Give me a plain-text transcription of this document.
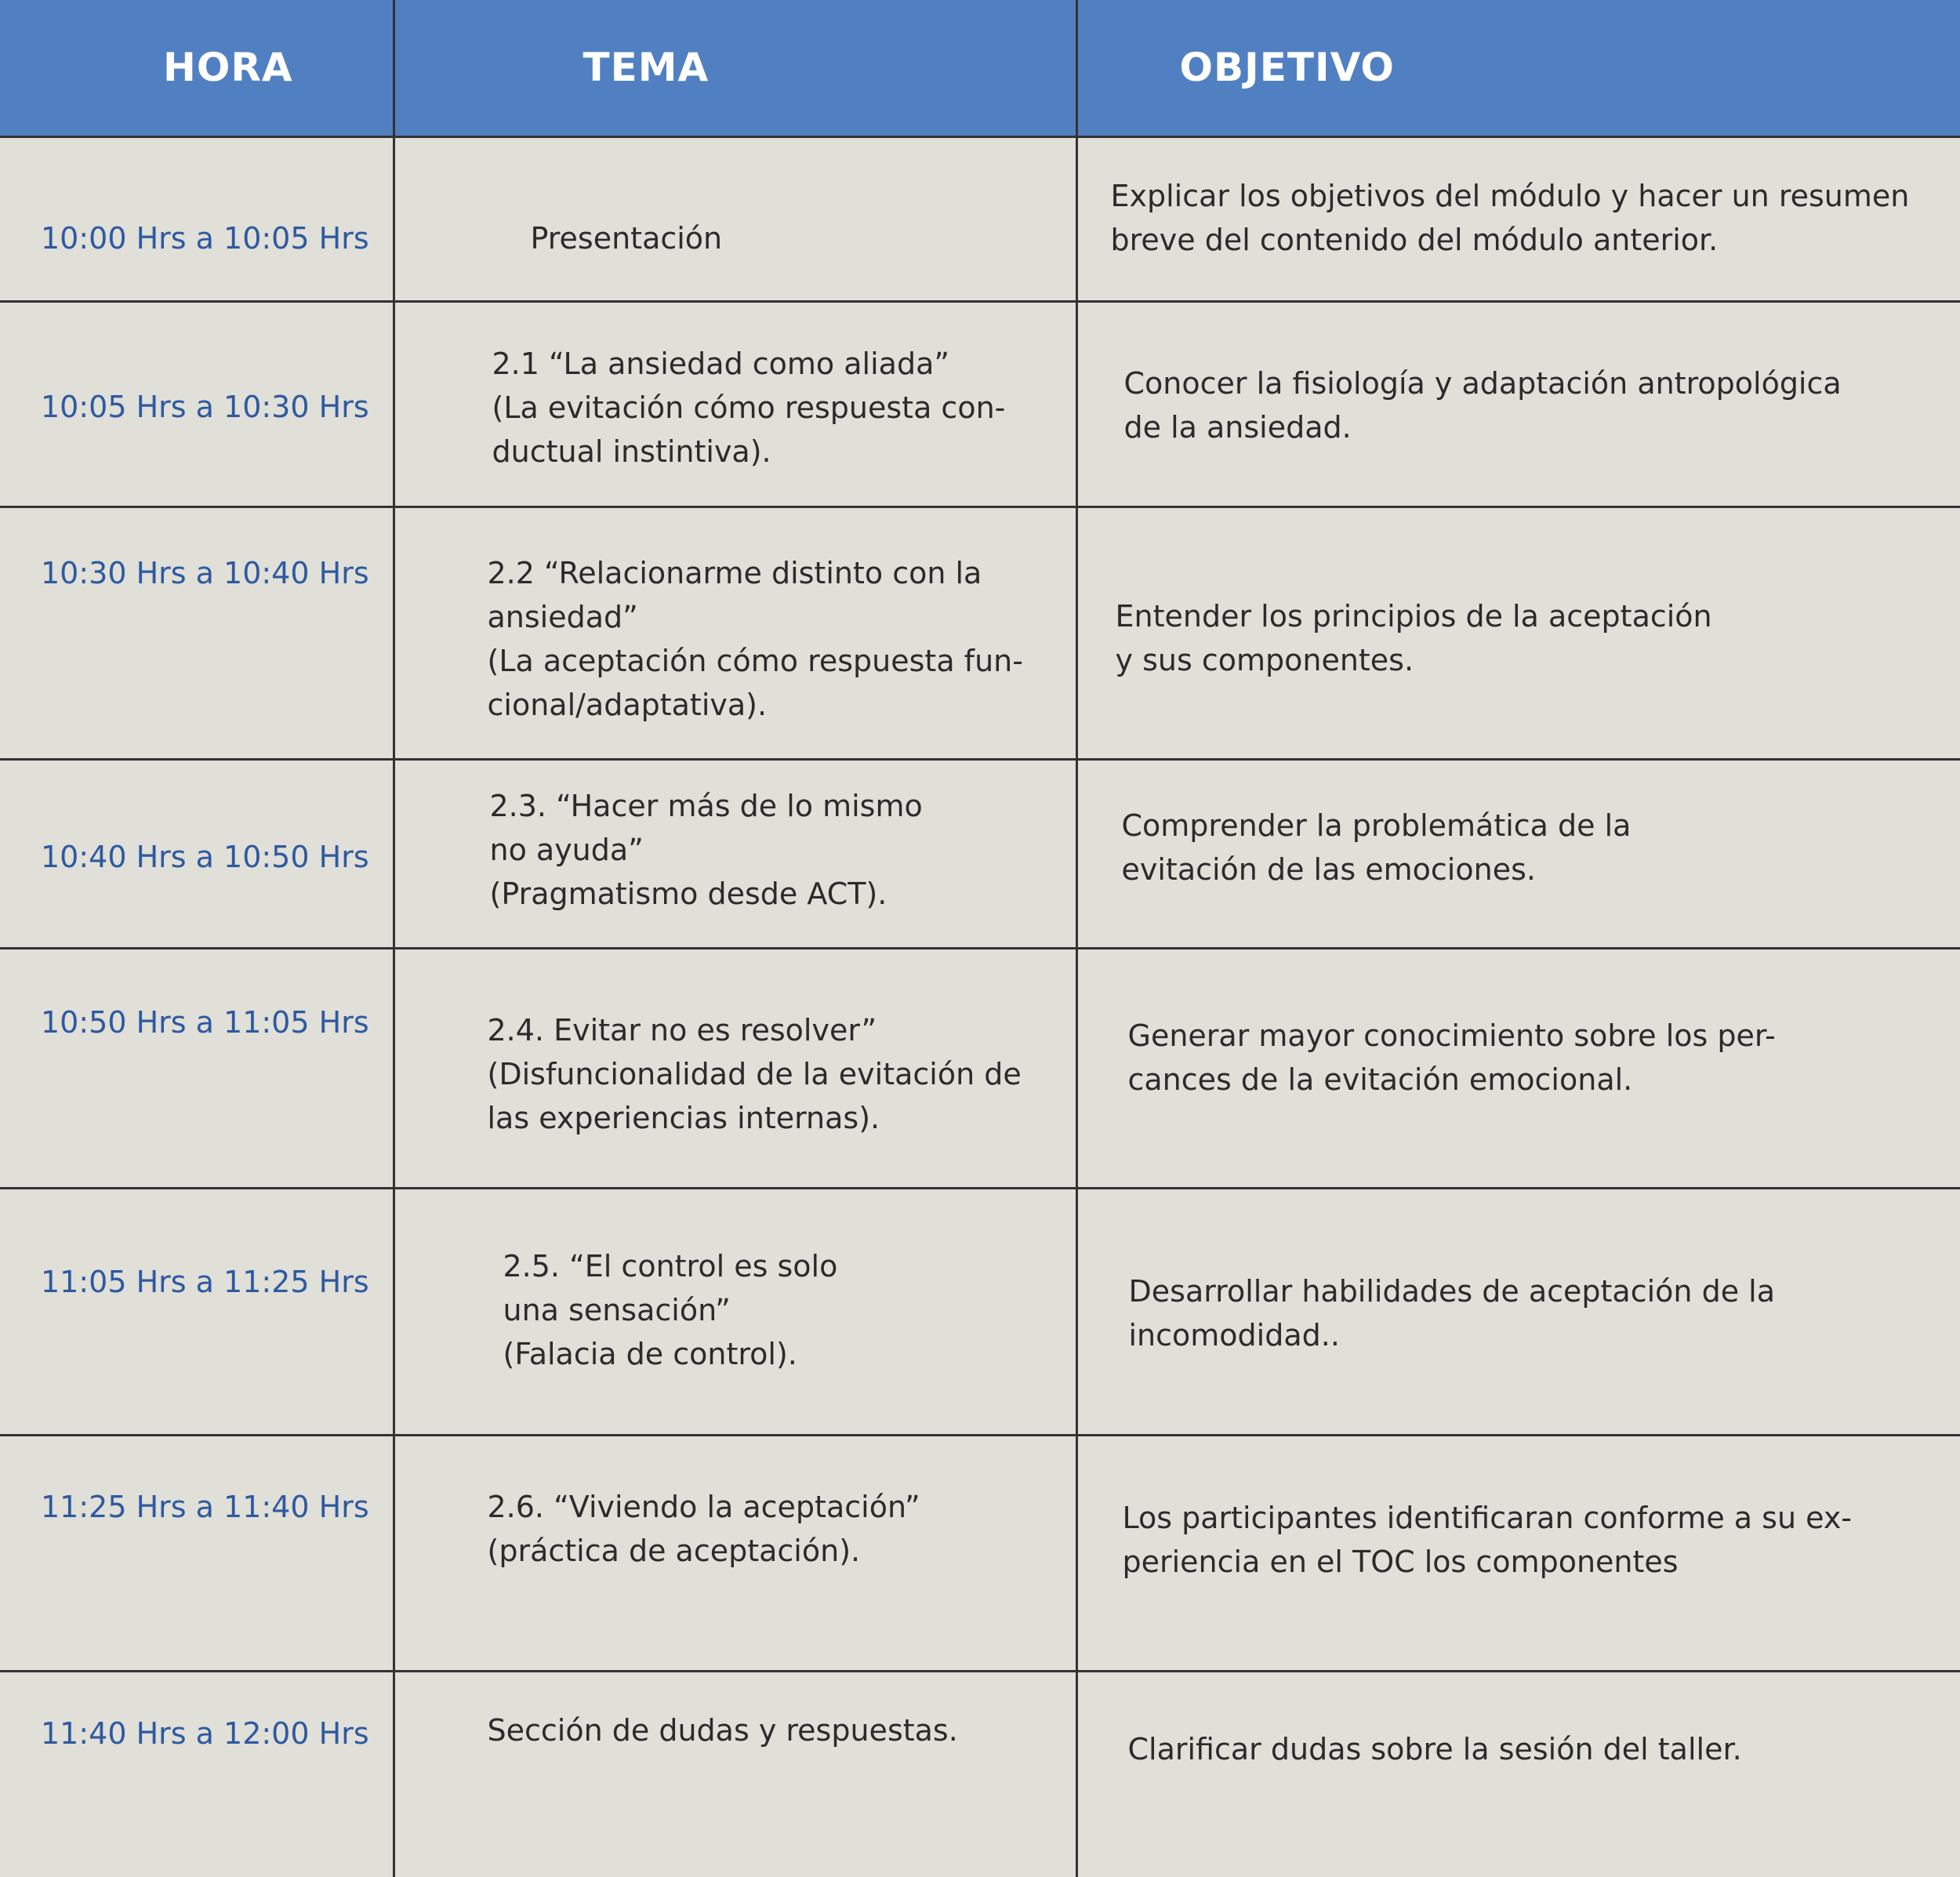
HORA	TEMA	OBJETIVO

10:00 Hrs a 10:05 Hrs	Presentación	Explicar los objetivos del módulo y hacer un resumen
breve del contenido del módulo anterior.

10:05 Hrs a 10:30 Hrs	2.1 “La ansiedad como aliada”
(La evitación cómo respuesta con-
ductual instintiva).	Conocer la fisiología y adaptación antropológica
de la ansiedad.

10:30 Hrs a 10:40 Hrs	2.2 “Relacionarme distinto con la
ansiedad”
(La aceptación cómo respuesta fun-
cional/adaptativa).	Entender los principios de la aceptación
y sus componentes.

10:40 Hrs a 10:50 Hrs	2.3. “Hacer más de lo mismo
no ayuda”
(Pragmatismo desde ACT).	Comprender la problemática de la
evitación de las emociones.

10:50 Hrs a 11:05 Hrs	2.4. Evitar no es resolver”
(Disfuncionalidad de la evitación de
las experiencias internas).	Generar mayor conocimiento sobre los per-
cances de la evitación emocional.

11:05 Hrs a 11:25 Hrs	2.5. “El control es solo
una sensación”
(Falacia de control).	Desarrollar habilidades de aceptación de la
incomodidad..

11:25 Hrs a 11:40 Hrs	2.6. “Viviendo la aceptación”
(práctica de aceptación).	Los participantes identificaran conforme a su ex-
periencia en el TOC los componentes

11:40 Hrs a 12:00 Hrs	Sección de dudas y respuestas.	Clarificar dudas sobre la sesión del taller.
